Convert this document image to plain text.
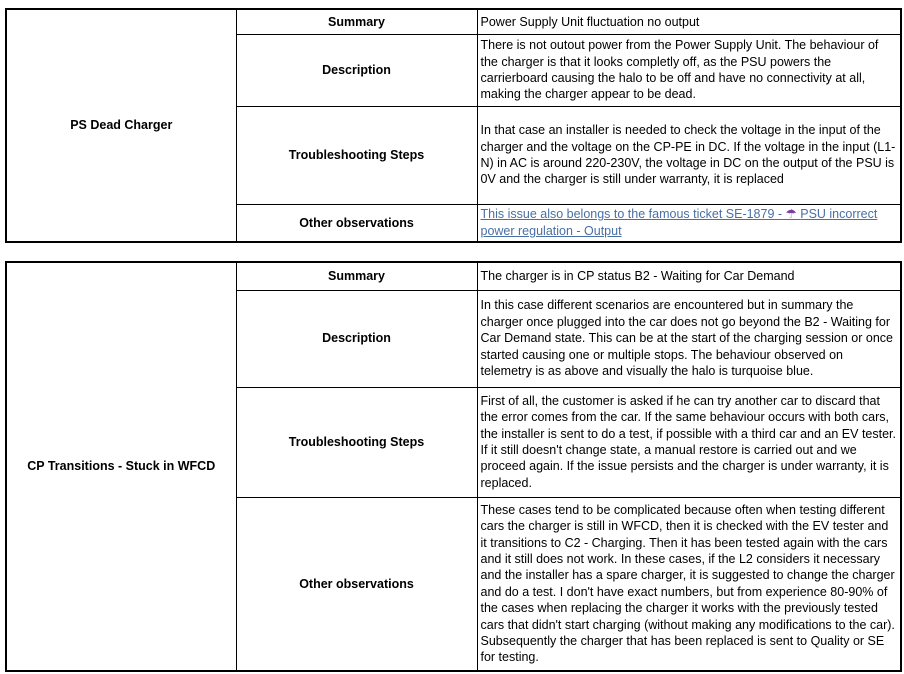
PS Dead Charger	Summary	Power Supply Unit fluctuation no output
	Description	There is not outout power from the Power Supply Unit. The behaviour of the charger is that it looks completly off, as the PSU powers the carrierboard causing the halo to be off and have no connectivity at all, making the charger appear to be dead.
	Troubleshooting Steps	In that case an installer is needed to check the voltage in the input of the charger and the voltage on the CP-PE in DC. If the voltage in the input (L1-N) in AC is around 220-230V, the voltage in DC on the output of the PSU is 0V and the charger is still under warranty, it is replaced
	Other observations	This issue also belongs to the famous ticket SE-1879 - ☂ PSU incorrect power regulation - Output
CP Transitions - Stuck in WFCD	Summary	The charger is in CP status B2 - Waiting for Car Demand
	Description	In this case different scenarios are encountered but in summary the charger once plugged into the car does not go beyond the B2 - Waiting for Car Demand state. This can be at the start of the charging session or once started causing one or multiple stops. The behaviour observed on telemetry is as above and visually the halo is turquoise blue.
	Troubleshooting Steps	First of all, the customer is asked if he can try another car to discard that the error comes from the car. If the same behaviour occurs with both cars, the installer is sent to do a test, if possible with a third car and an EV tester. If it still doesn't change state, a manual restore is carried out and we proceed again. If the issue persists and the charger is under warranty, it is replaced.
	Other observations	These cases tend to be complicated because often when testing different cars the charger is still in WFCD, then it is checked with the EV tester and it transitions to C2 - Charging. Then it has been tested again with the cars and it still does not work. In these cases, if the L2 considers it necessary and the installer has a spare charger, it is suggested to change the charger and do a test. I don't have exact numbers, but from experience 80-90% of the cases when replacing the charger it works with the previously tested cars that didn't start charging (without making any modifications to the car). Subsequently the charger that has been replaced is sent to Quality or SE for testing.
